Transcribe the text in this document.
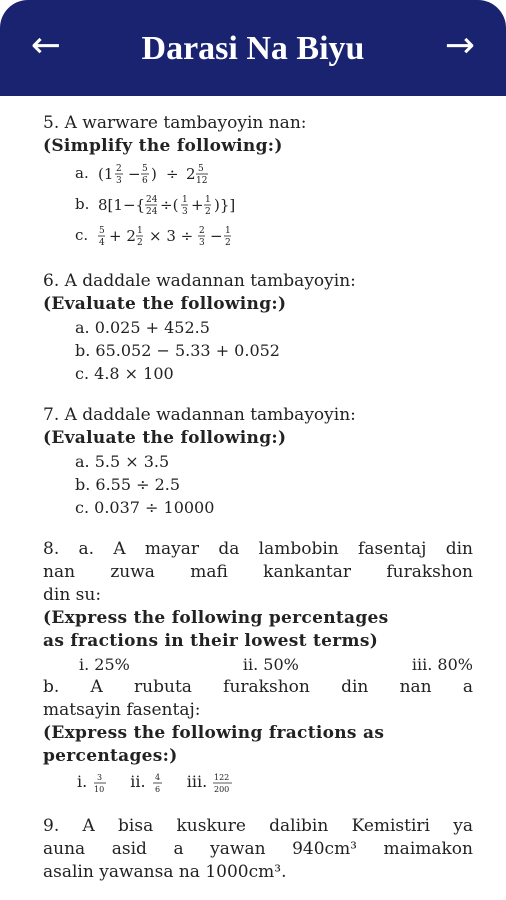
←	Darasi Na Biyu	→
5. A warware tambayoyin nan:
(Simplify the following:)
a. (1 2
3 − 5
6 ) ÷ 2 5
12
b. 8[1−{ 24
24 ÷( 1
3 + 1
2 )}]
c. 5
4 + 2 1
2 × 3 ÷ 2
3 − 1
2
6. A daddale wadannan tambayoyin:
(Evaluate the following:)
a. 0.025 + 452.5
b. 65.052 − 5.33 + 0.052
c. 4.8 × 100
7. A daddale wadannan tambayoyin:
(Evaluate the following:)
a. 5.5 × 3.5
b. 6.55 ÷ 2.5
c. 0.037 ÷ 10000
8. a. A mayar da lambobin fasentaj din
nan zuwa mafi kankantar furakshon
din su:
(Express the following percentages
as fractions in their lowest terms)
i. 25%	ii. 50%	iii. 80%
b. A rubuta furakshon din nan a
matsayin fasentaj:
(Express the following fractions as
percentages:)
i. 3
10 ii. 4
6 iii. 122
200
9. A bisa kuskure dalibin Kemistiri ya
auna asid a yawan 940cm³ maimakon
asalin yawansa na 1000cm³.
